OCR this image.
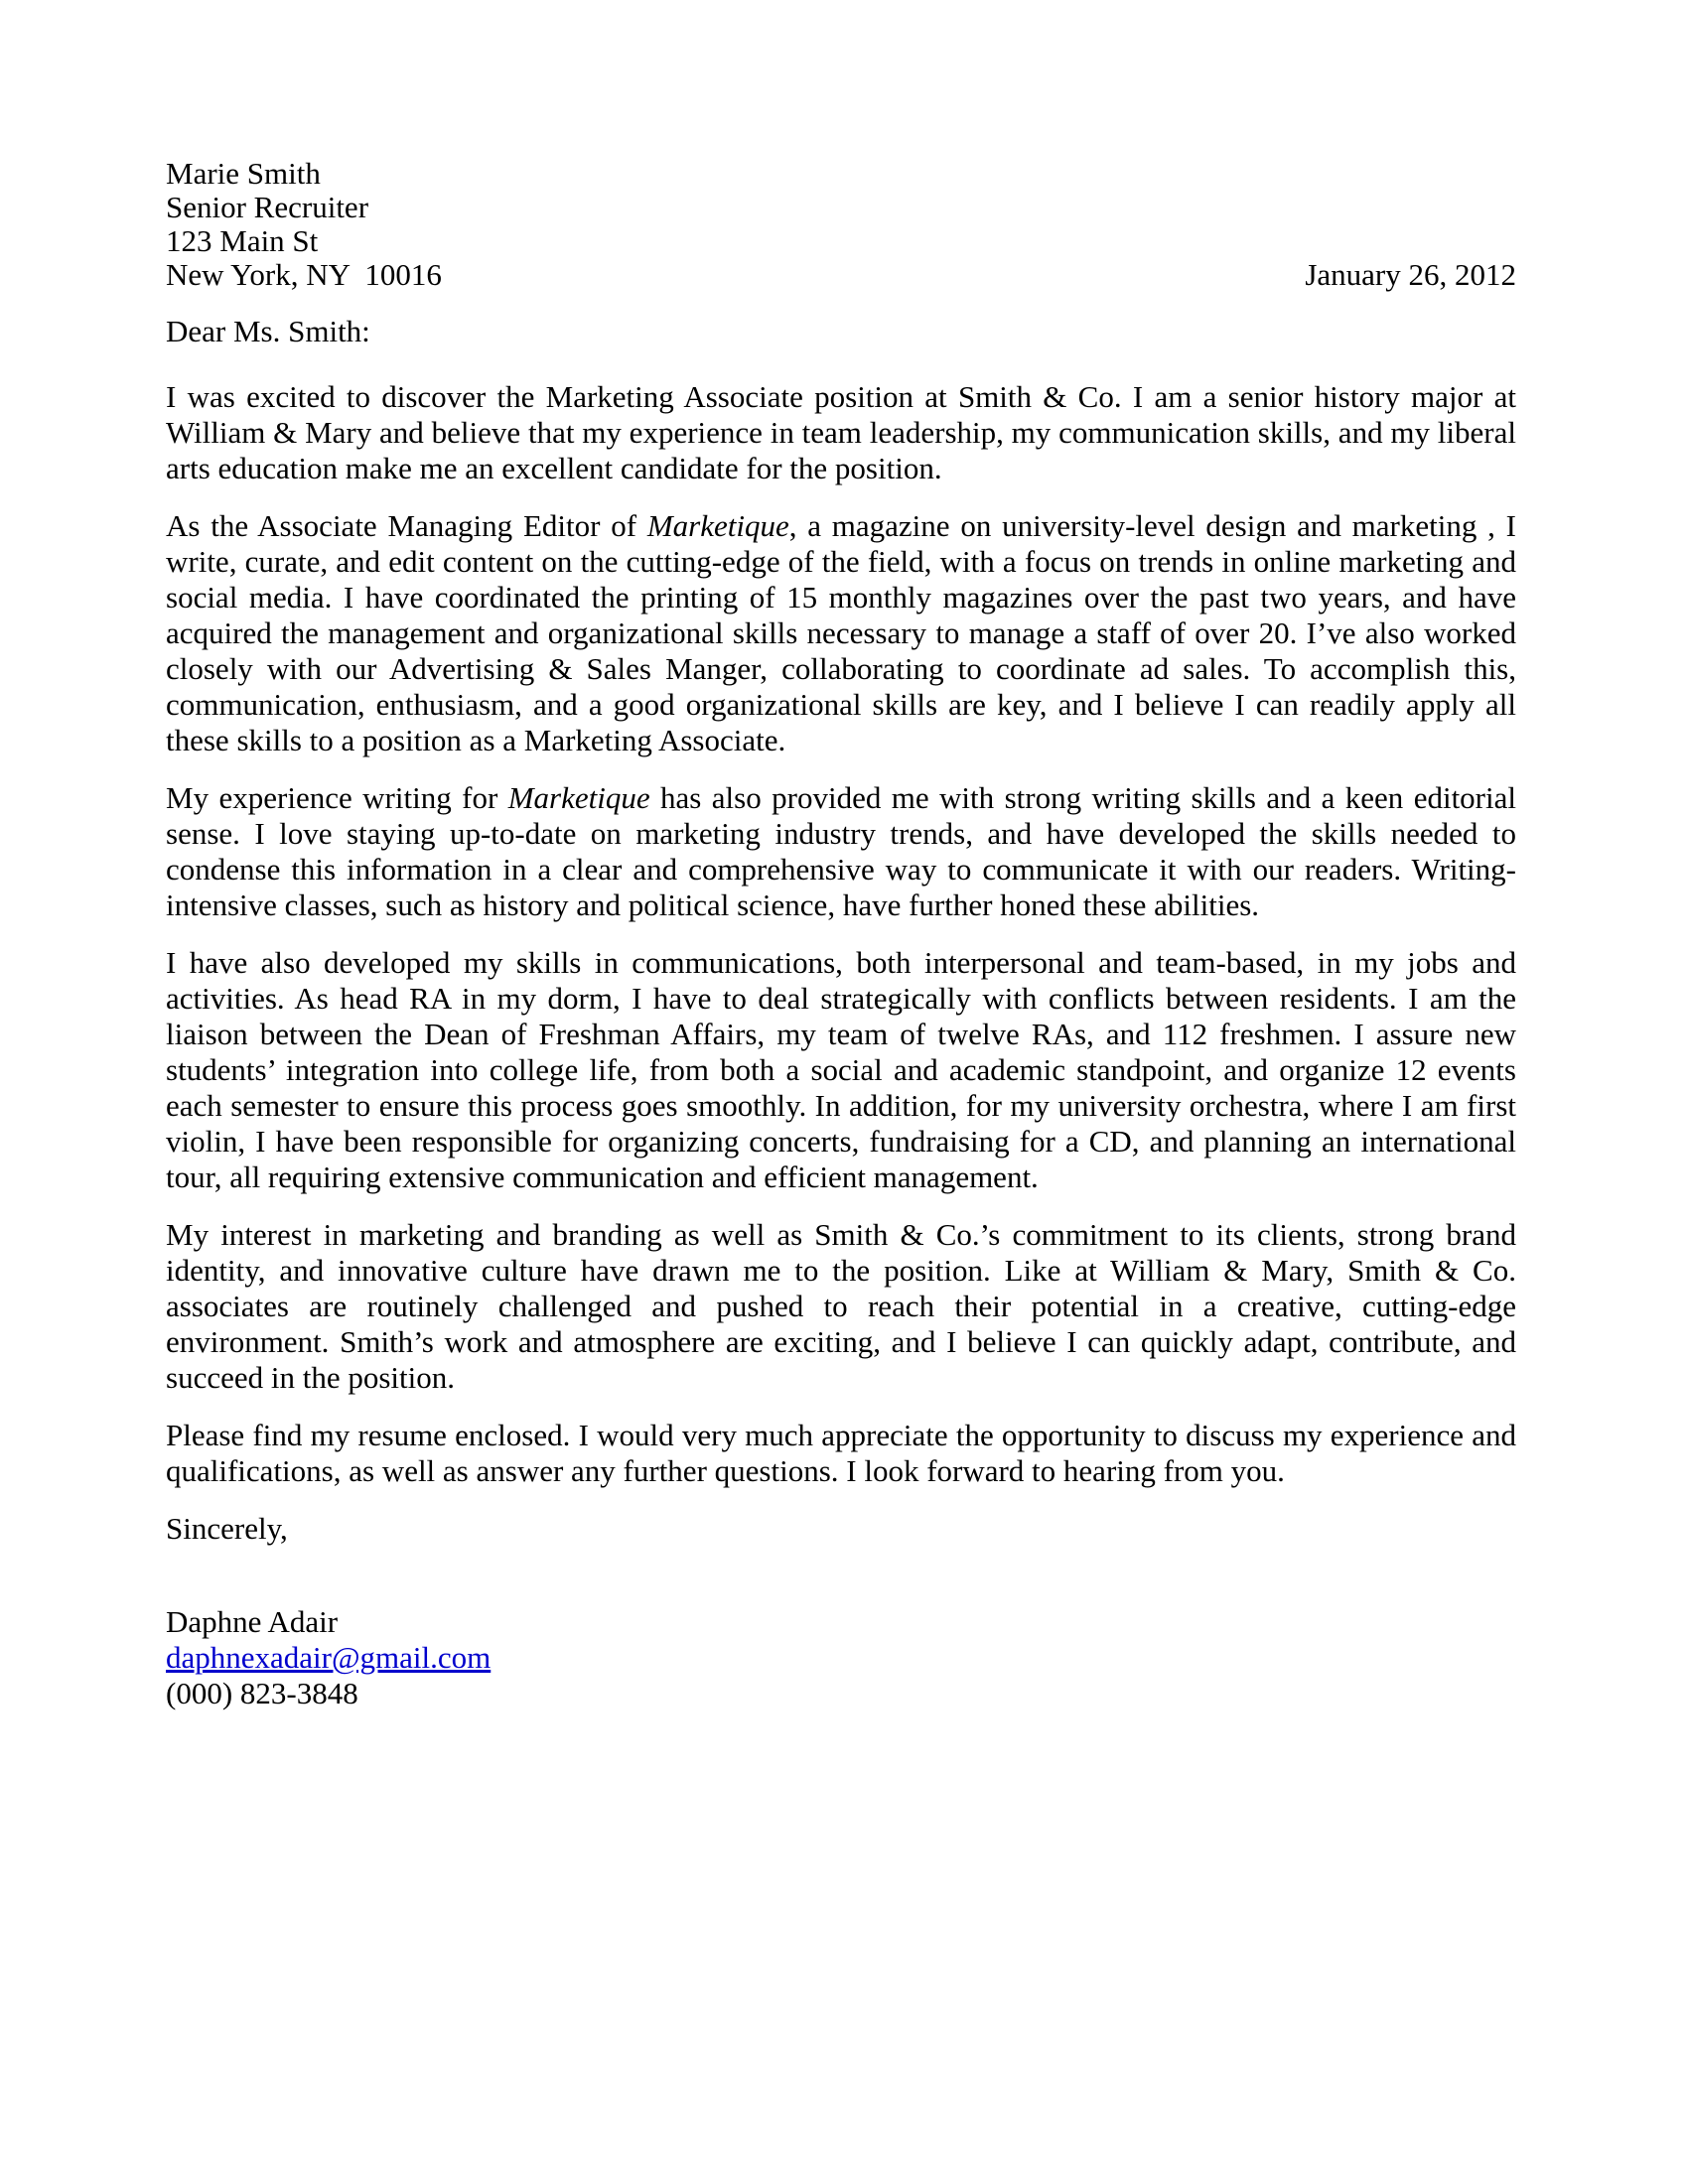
Marie Smith
Senior Recruiter
123 Main St
New York, NY  10016	January 26, 2012
Dear Ms. Smith:

I was excited to discover the Marketing Associate position at Smith & Co. I am a senior history major at William & Mary and believe that my experience in team leadership, my communication skills, and my liberal arts education make me an excellent candidate for the position.

As the Associate Managing Editor of Marketique, a magazine on university-level design and marketing , I write, curate, and edit content on the cutting-edge of the field, with a focus on trends in online marketing and social media. I have coordinated the printing of 15 monthly magazines over the past two years, and have acquired the management and organizational skills necessary to manage a staff of over 20. I’ve also worked closely with our Advertising & Sales Manger, collaborating to coordinate ad sales. To accomplish this, communication, enthusiasm, and a good organizational skills are key, and I believe I can readily apply all these skills to a position as a Marketing Associate.

My experience writing for Marketique has also provided me with strong writing skills and a keen editorial sense. I love staying up-to-date on marketing industry trends, and have developed the skills needed to condense this information in a clear and comprehensive way to communicate it with our readers. Writing-intensive classes, such as history and political science, have further honed these abilities.

I have also developed my skills in communications, both interpersonal and team-based, in my jobs and activities. As head RA in my dorm, I have to deal strategically with conflicts between residents. I am the liaison between the Dean of Freshman Affairs, my team of twelve RAs, and 112 freshmen. I assure new students’ integration into college life, from both a social and academic standpoint, and organize 12 events each semester to ensure this process goes smoothly. In addition, for my university orchestra, where I am first violin, I have been responsible for organizing concerts, fundraising for a CD, and planning an international tour, all requiring extensive communication and efficient management.

My interest in marketing and branding as well as Smith & Co.’s commitment to its clients, strong brand identity, and innovative culture have drawn me to the position. Like at William & Mary, Smith & Co. associates are routinely challenged and pushed to reach their potential in a creative, cutting-edge environment. Smith’s work and atmosphere are exciting, and I believe I can quickly adapt, contribute, and succeed in the position.

Please find my resume enclosed. I would very much appreciate the opportunity to discuss my experience and qualifications, as well as answer any further questions. I look forward to hearing from you.

Sincerely,
Daphne Adair
daphnexadair@gmail.com
(000) 823-3848
